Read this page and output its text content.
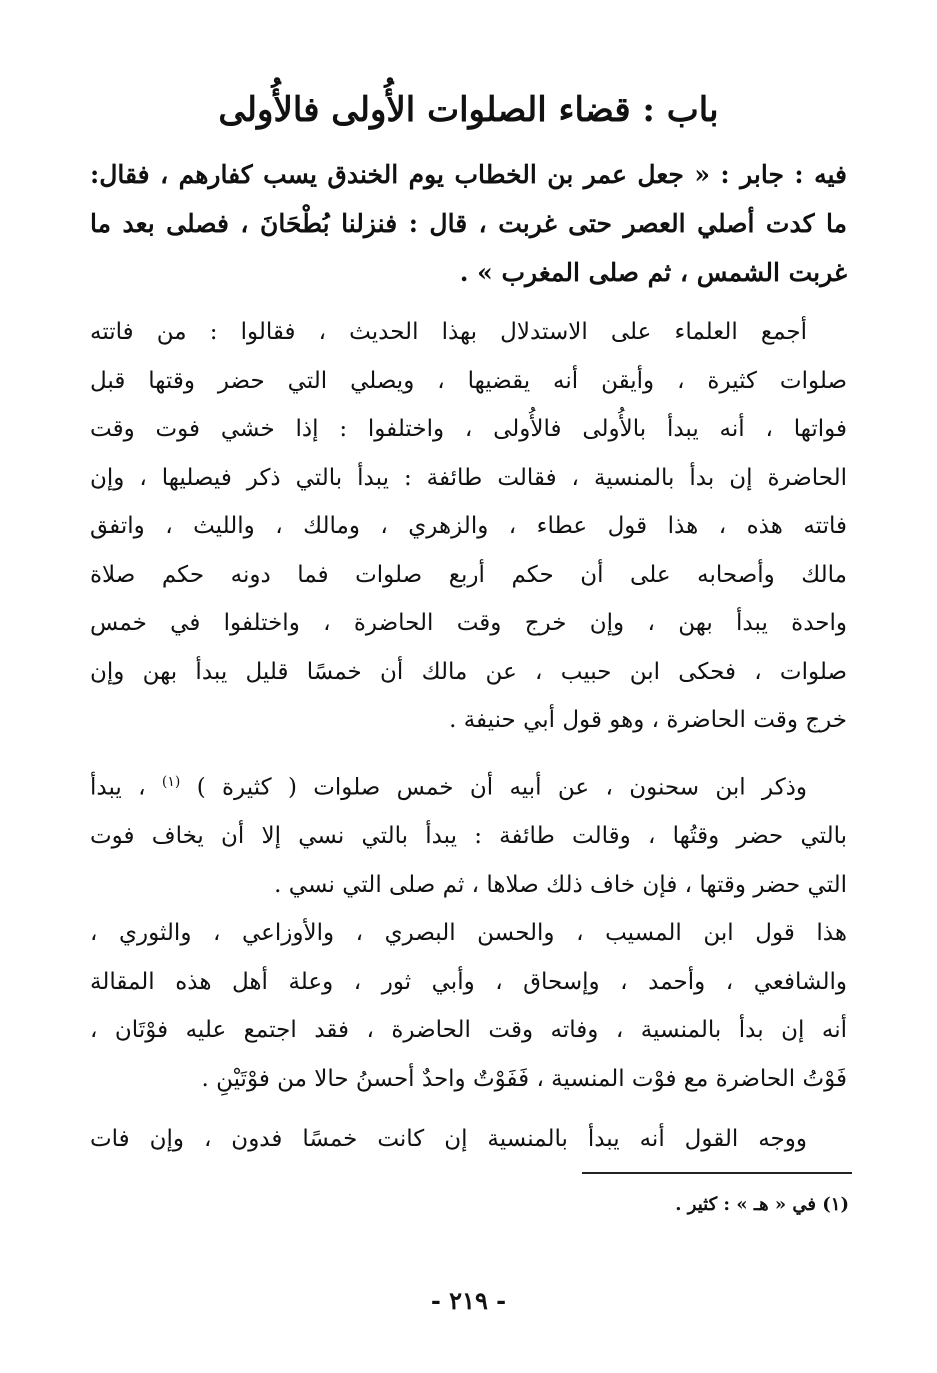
باب : قضاء الصلوات الأُولى فالأُولى
فيه : جابر : « جعل عمر بن الخطاب يوم الخندق يسب كفارهم ، فقال:
ما كدت أصلي العصر حتى غربت ، قال : فنزلنا بُطْحَانَ ، فصلى بعد ما
غربت الشمس ، ثم صلى المغرب » .
أجمع العلماء على الاستدلال بهذا الحديث ، فقالوا : من فاتته
صلوات كثيرة ، وأيقن أنه يقضيها ، ويصلي التي حضر وقتها قبل
فواتها ، أنه يبدأ بالأُولى فالأُولى ، واختلفوا : إذا خشي فوت وقت
الحاضرة إن بدأ بالمنسية ، فقالت طائفة : يبدأ بالتي ذكر فيصليها ، وإن
فاتته هذه ، هذا قول عطاء ، والزهري ، ومالك ، والليث ، واتفق
مالك وأصحابه على أن حكم أربع صلوات فما دونه حكم صلاة
واحدة يبدأ بهن ، وإن خرج وقت الحاضرة ، واختلفوا في خمس
صلوات ، فحكى ابن حبيب ، عن مالك أن خمسًا قليل يبدأ بهن وإن
خرج وقت الحاضرة ، وهو قول أبي حنيفة .
وذكر ابن سحنون ، عن أبيه أن خمس صلوات ( كثيرة ) $^{(١)}$ ، يبدأ
بالتي حضر وقتُها ، وقالت طائفة : يبدأ بالتي نسي إلا أن يخاف فوت
التي حضر وقتها ، فإن خاف ذلك صلاها ، ثم صلى التي نسي .
هذا قول ابن المسيب ، والحسن البصري ، والأوزاعي ، والثوري ،
والشافعي ، وأحمد ، وإسحاق ، وأبي ثور ، وعلة أهل هذه المقالة
أنه إن بدأ بالمنسية ، وفاته وقت الحاضرة ، فقد اجتمع عليه فوْتَان ،
فَوْتُ الحاضرة مع فوْت المنسية ، فَفَوْتٌ واحدٌ أحسنُ حالا من فوْتَيْنِ .
ووجه القول أنه يبدأ بالمنسية إن كانت خمسًا فدون ، وإن فات
(١) في « هـ » : كثير .
- ٢١٩ -
